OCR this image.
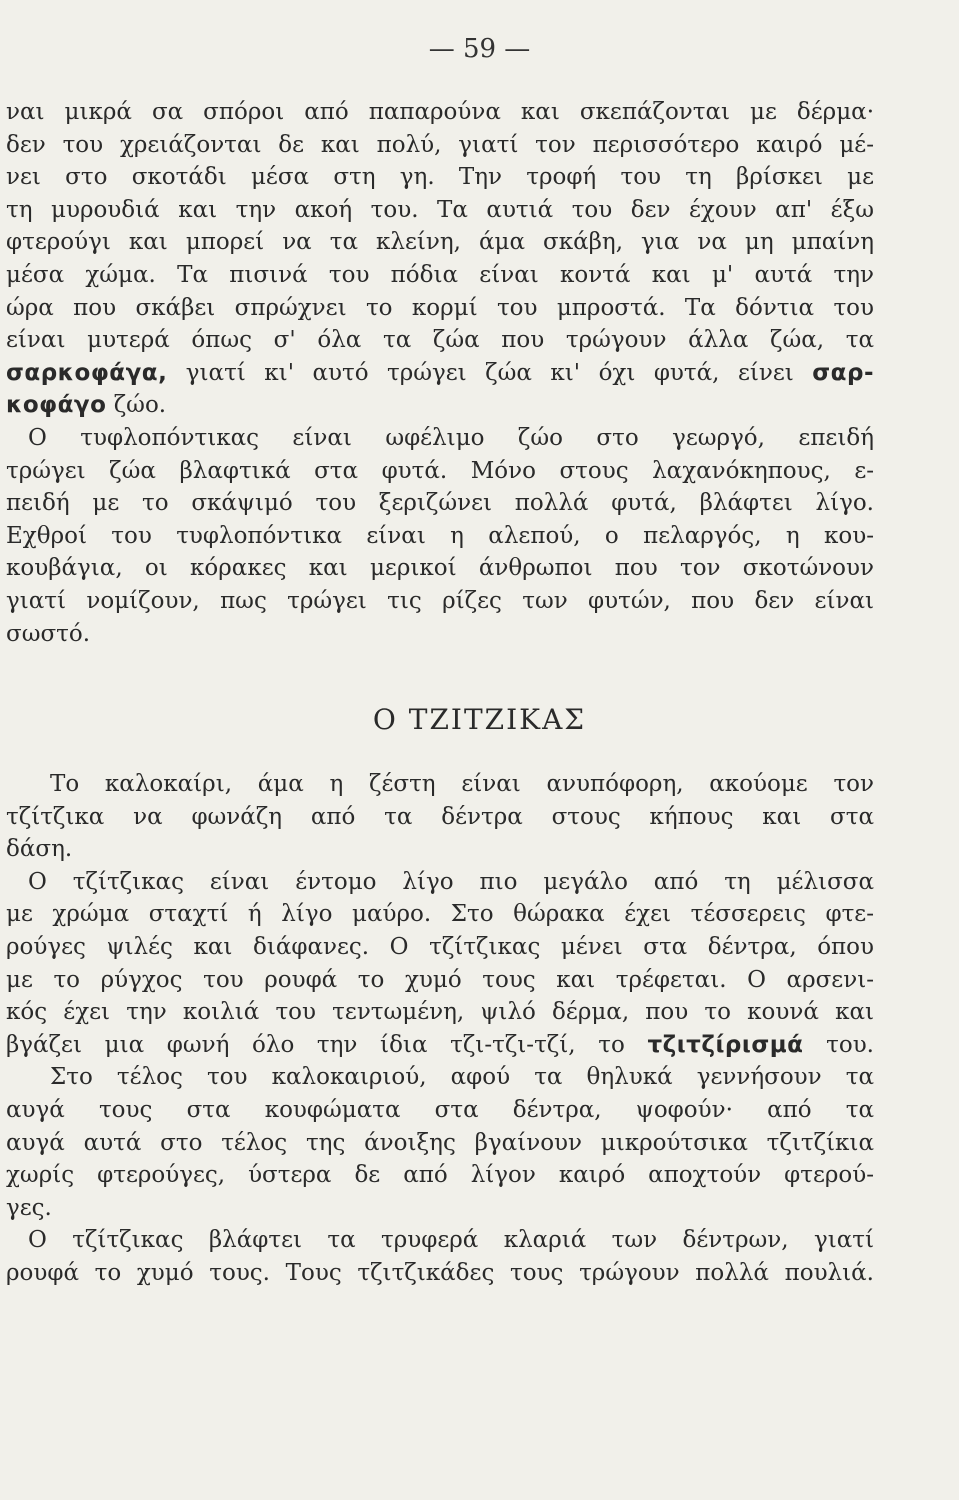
— 59 —
ναι μικρά σα σπόροι από παπαρούνα και σκεπάζονται με δέρμα·
δεν του χρειάζονται δε και πολύ, γιατί τον περισσότερο καιρό μέ-
νει στο σκοτάδι μέσα στη γη. Την τροφή του τη βρίσκει με
τη μυρουδιά και την ακοή του. Τα αυτιά του δεν έχουν απ' έξω
φτερούγι και μπορεί να τα κλείνη, άμα σκάβη, για να μη μπαίνη
μέσα χώμα. Τα πισινά του πόδια είναι κοντά και μ' αυτά την
ώρα που σκάβει σπρώχνει το κορμί του μπροστά. Τα δόντια του
είναι μυτερά όπως σ' όλα τα ζώα που τρώγουν άλλα ζώα, τα
σαρκοφάγα, γιατί κι' αυτό τρώγει ζώα κι' όχι φυτά, είνει σαρ-
κοφάγο ζώο.
Ο τυφλοπόντικας είναι ωφέλιμο ζώο στο γεωργό, επειδή
τρώγει ζώα βλαφτικά στα φυτά. Μόνο στους λαχανόκηπους, ε-
πειδή με το σκάψιμό του ξεριζώνει πολλά φυτά, βλάφτει λίγο.
Εχθροί του τυφλοπόντικα είναι η αλεπού, ο πελαργός, η κου-
κουβάγια, οι κόρακες και μερικοί άνθρωποι που τον σκοτώνουν
γιατί νομίζουν, πως τρώγει τις ρίζες των φυτών, που δεν είναι
σωστό.
Ο ΤΖΙΤΖΙΚΑΣ
Το καλοκαίρι, άμα η ζέστη είναι ανυπόφορη, ακούομε τον
τζίτζικα να φωνάζη από τα δέντρα στους κήπους και στα
δάση.
Ο τζίτζικας είναι έντομο λίγο πιο μεγάλο από τη μέλισσα
με χρώμα σταχτί ή λίγο μαύρο. Στο θώρακα έχει τέσσερεις φτε-
ρούγες ψιλές και διάφανες. Ο τζίτζικας μένει στα δέντρα, όπου
με το ρύγχος του ρουφά το χυμό τους και τρέφεται. Ο αρσενι-
κός έχει την κοιλιά του τεντωμένη, ψιλό δέρμα, που το κουνά και
βγάζει μια φωνή όλο την ίδια τζι-τζι-τζί, το τζιτζίρισμά του.
Στο τέλος του καλοκαιριού, αφού τα θηλυκά γεννήσουν τα
αυγά τους στα κουφώματα στα δέντρα, ψοφούν· από τα
αυγά αυτά στο τέλος της άνοιξης βγαίνουν μικρούτσικα τζιτζίκια
χωρίς φτερούγες, ύστερα δε από λίγον καιρό αποχτούν φτερού-
γες.
Ο τζίτζικας βλάφτει τα τρυφερά κλαριά των δέντρων, γιατί
ρουφά το χυμό τους. Τους τζιτζικάδες τους τρώγουν πολλά πουλιά.
